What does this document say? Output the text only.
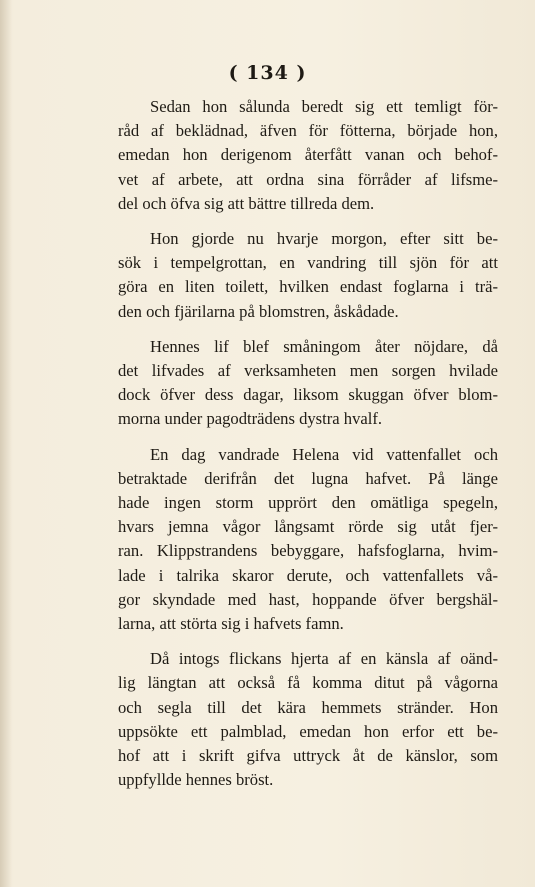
( 134 )

Sedan hon sålunda beredt sig ett temligt för-
råd af beklädnad, äfven för fötterna, började hon,
emedan hon derigenom återfått vanan och behof-
vet af arbete, att ordna sina förråder af lifsme-
del och öfva sig att bättre tillreda dem.

Hon gjorde nu hvarje morgon, efter sitt be-
sök i tempelgrottan, en vandring till sjön för att
göra en liten toilett, hvilken endast foglarna i trä-
den och fjärilarna på blomstren, åskådade.

Hennes lif blef småningom åter nöjdare, då
det lifvades af verksamheten men sorgen hvilade
dock öfver dess dagar, liksom skuggan öfver blom-
morna under pagodträdens dystra hvalf.

En dag vandrade Helena vid vattenfallet och
betraktade derifrån det lugna hafvet. På länge
hade ingen storm upprört den omätliga spegeln,
hvars jemna vågor långsamt rörde sig utåt fjer-
ran. Klippstrandens bebyggare, hafsfoglarna, hvim-
lade i talrika skaror derute, och vattenfallets vå-
gor skyndade med hast, hoppande öfver bergshäl-
larna, att störta sig i hafvets famn.

Då intogs flickans hjerta af en känsla af oänd-
lig längtan att också få komma ditut på vågorna
och segla till det kära hemmets stränder. Hon
uppsökte ett palmblad, emedan hon erfor ett be-
hof att i skrift gifva uttryck åt de känslor, som
uppfyllde hennes bröst.
